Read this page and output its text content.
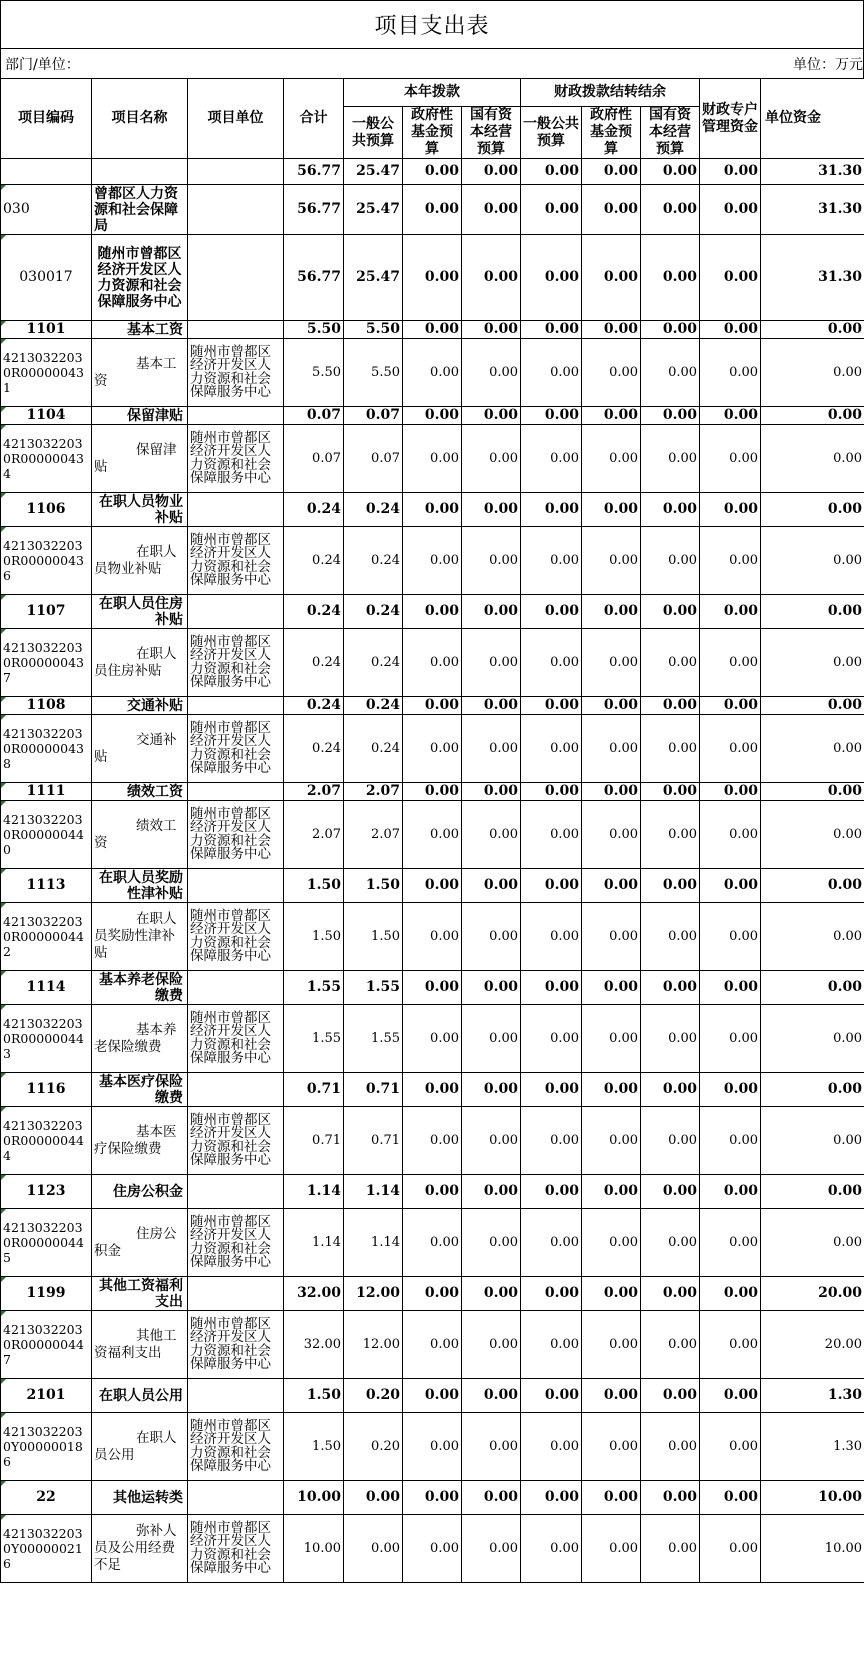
项目支出表
部门/单位：	单位：万元
项目编码	项目名称	项目单位	合计	本年拨款			财政拨款结转结余			财政专户管理资金	单位资金
				一般公共预算	政府性基金预算	国有资本经营预算	一般公共预算	政府性基金预算	国有资本经营预算		
			56.77	25.47	0.00	0.00	0.00	0.00	0.00	0.00	31.30
030	曾都区人力资源和社会保障局		56.77	25.47	0.00	0.00	0.00	0.00	0.00	0.00	31.30
030017	随州市曾都区经济开发区人力资源和社会保障服务中心		56.77	25.47	0.00	0.00	0.00	0.00	0.00	0.00	31.30
1101	基本工资		5.50	5.50	0.00	0.00	0.00	0.00	0.00	0.00	0.00
42130322030R000000431	基本工资	随州市曾都区经济开发区人力资源和社会保障服务中心	5.50	5.50	0.00	0.00	0.00	0.00	0.00	0.00	0.00
1104	保留津贴		0.07	0.07	0.00	0.00	0.00	0.00	0.00	0.00	0.00
42130322030R000000434	保留津贴	随州市曾都区经济开发区人力资源和社会保障服务中心	0.07	0.07	0.00	0.00	0.00	0.00	0.00	0.00	0.00
1106	在职人员物业补贴		0.24	0.24	0.00	0.00	0.00	0.00	0.00	0.00	0.00
42130322030R000000436	在职人员物业补贴	随州市曾都区经济开发区人力资源和社会保障服务中心	0.24	0.24	0.00	0.00	0.00	0.00	0.00	0.00	0.00
1107	在职人员住房补贴		0.24	0.24	0.00	0.00	0.00	0.00	0.00	0.00	0.00
42130322030R000000437	在职人员住房补贴	随州市曾都区经济开发区人力资源和社会保障服务中心	0.24	0.24	0.00	0.00	0.00	0.00	0.00	0.00	0.00
1108	交通补贴		0.24	0.24	0.00	0.00	0.00	0.00	0.00	0.00	0.00
42130322030R000000438	交通补贴	随州市曾都区经济开发区人力资源和社会保障服务中心	0.24	0.24	0.00	0.00	0.00	0.00	0.00	0.00	0.00
1111	绩效工资		2.07	2.07	0.00	0.00	0.00	0.00	0.00	0.00	0.00
42130322030R000000440	绩效工资	随州市曾都区经济开发区人力资源和社会保障服务中心	2.07	2.07	0.00	0.00	0.00	0.00	0.00	0.00	0.00
1113	在职人员奖励性津补贴		1.50	1.50	0.00	0.00	0.00	0.00	0.00	0.00	0.00
42130322030R000000442	在职人员奖励性津补贴	随州市曾都区经济开发区人力资源和社会保障服务中心	1.50	1.50	0.00	0.00	0.00	0.00	0.00	0.00	0.00
1114	基本养老保险缴费		1.55	1.55	0.00	0.00	0.00	0.00	0.00	0.00	0.00
42130322030R000000443	基本养老保险缴费	随州市曾都区经济开发区人力资源和社会保障服务中心	1.55	1.55	0.00	0.00	0.00	0.00	0.00	0.00	0.00
1116	基本医疗保险缴费		0.71	0.71	0.00	0.00	0.00	0.00	0.00	0.00	0.00
42130322030R000000444	基本医疗保险缴费	随州市曾都区经济开发区人力资源和社会保障服务中心	0.71	0.71	0.00	0.00	0.00	0.00	0.00	0.00	0.00
1123	住房公积金		1.14	1.14	0.00	0.00	0.00	0.00	0.00	0.00	0.00
42130322030R000000445	住房公积金	随州市曾都区经济开发区人力资源和社会保障服务中心	1.14	1.14	0.00	0.00	0.00	0.00	0.00	0.00	0.00
1199	其他工资福利支出		32.00	12.00	0.00	0.00	0.00	0.00	0.00	0.00	20.00
42130322030R000000447	其他工资福利支出	随州市曾都区经济开发区人力资源和社会保障服务中心	32.00	12.00	0.00	0.00	0.00	0.00	0.00	0.00	20.00
2101	在职人员公用		1.50	0.20	0.00	0.00	0.00	0.00	0.00	0.00	1.30
42130322030Y000000186	在职人员公用	随州市曾都区经济开发区人力资源和社会保障服务中心	1.50	0.20	0.00	0.00	0.00	0.00	0.00	0.00	1.30
22	其他运转类		10.00	0.00	0.00	0.00	0.00	0.00	0.00	0.00	10.00
42130322030Y000000216	弥补人员及公用经费不足	随州市曾都区经济开发区人力资源和社会保障服务中心	10.00	0.00	0.00	0.00	0.00	0.00	0.00	0.00	10.00
